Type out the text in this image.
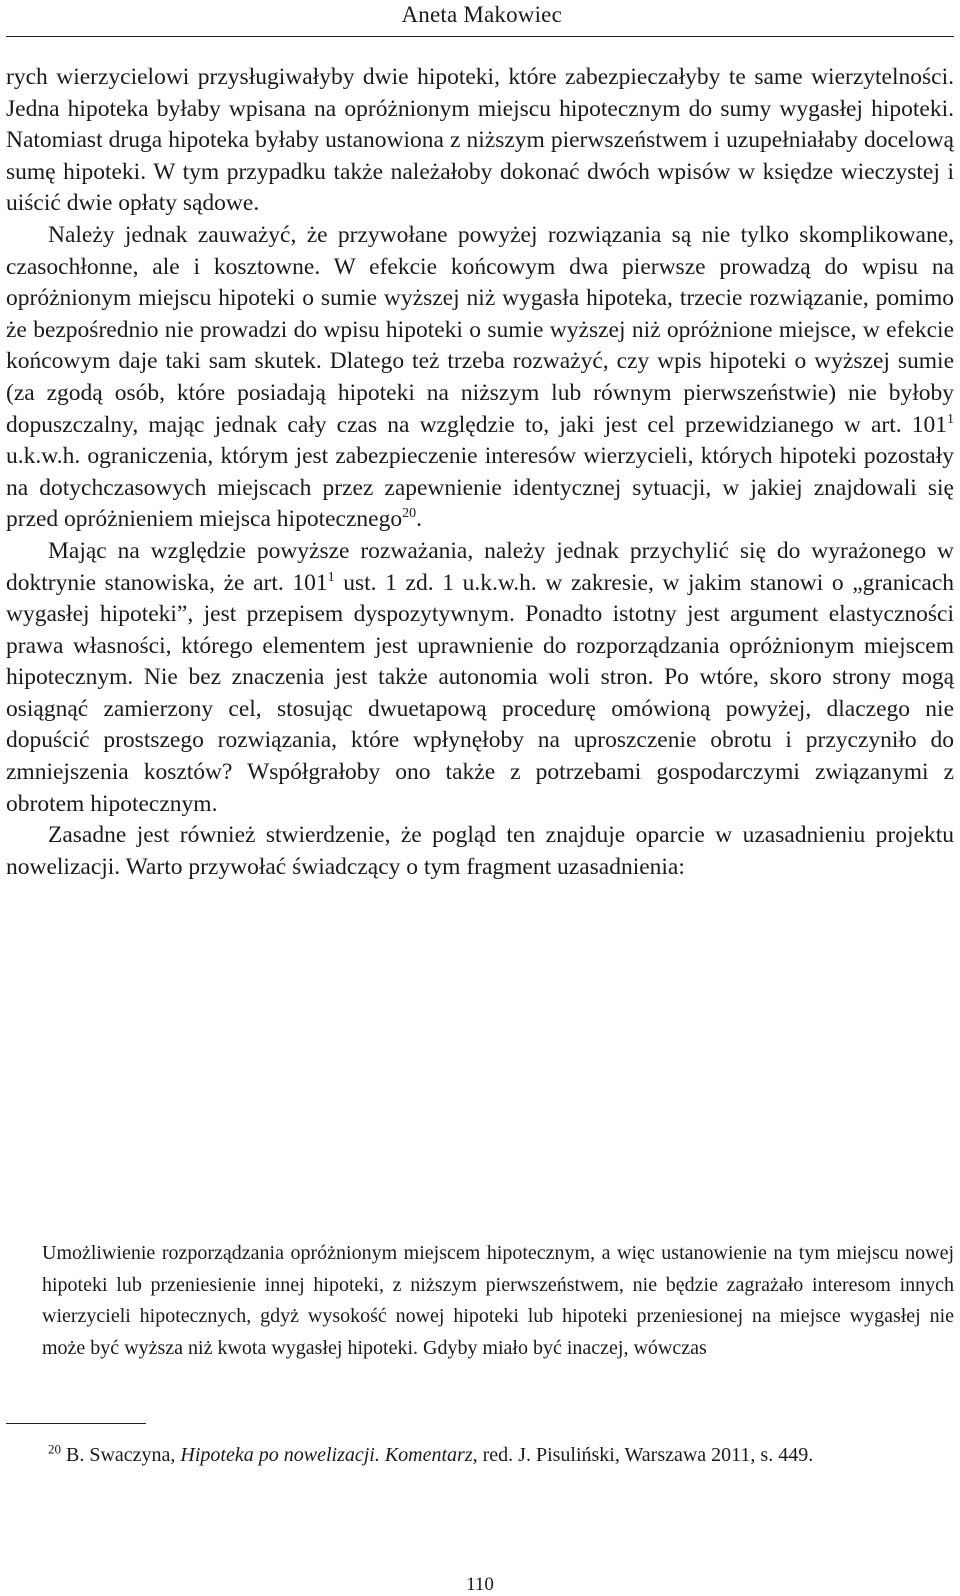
Aneta Makowiec

rych wierzycielowi przysługiwałyby dwie hipoteki, które zabezpieczałyby te same wierzytelności. Jedna hipoteka byłaby wpisana na opróżnionym miejscu hipotecznym do sumy wygasłej hipoteki. Natomiast druga hipoteka byłaby ustanowiona z niższym pierwszeństwem i uzupełniałaby docelową sumę hipoteki. W tym przypadku także należałoby dokonać dwóch wpisów w księdze wieczystej i uiścić dwie opłaty sądowe.

Należy jednak zauważyć, że przywołane powyżej rozwiązania są nie tylko skomplikowane, czasochłonne, ale i kosztowne. W efekcie końcowym dwa pierwsze prowadzą do wpisu na opróżnionym miejscu hipoteki o sumie wyższej niż wygasła hipoteka, trzecie rozwiązanie, pomimo że bezpośrednio nie prowadzi do wpisu hipoteki o sumie wyższej niż opróżnione miejsce, w efekcie końcowym daje taki sam skutek. Dlatego też trzeba rozważyć, czy wpis hipoteki o wyższej sumie (za zgodą osób, które posiadają hipoteki na niższym lub równym pierwszeństwie) nie byłoby dopuszczalny, mając jednak cały czas na względzie to, jaki jest cel przewidzianego w art. $101^1$ u.k.w.h. ograniczenia, którym jest zabezpieczenie interesów wierzycieli, których hipoteki pozostały na dotychczasowych miejscach przez zapewnienie identycznej sytuacji, w jakiej znajdowali się przed opróżnieniem miejsca hipotecznego$^{20}$.

Mając na względzie powyższe rozważania, należy jednak przychylić się do wyrażonego w doktrynie stanowiska, że art. $101^1$ ust. 1 zd. 1 u.k.w.h. w zakresie, w jakim stanowi o „granicach wygasłej hipoteki”, jest przepisem dyspozytywnym. Ponadto istotny jest argument elastyczności prawa własności, którego elementem jest uprawnienie do rozporządzania opróżnionym miejscem hipotecznym. Nie bez znaczenia jest także autonomia woli stron. Po wtóre, skoro strony mogą osiągnąć zamierzony cel, stosując dwuetapową procedurę omówioną powyżej, dlaczego nie dopuścić prostszego rozwiązania, które wpłynęłoby na uproszczenie obrotu i przyczyniło do zmniejszenia kosztów? Współgrałoby ono także z potrzebami gospodarczymi związanymi z obrotem hipotecznym.

Zasadne jest również stwierdzenie, że pogląd ten znajduje oparcie w uzasadnieniu projektu nowelizacji. Warto przywołać świadczący o tym fragment uzasadnienia:

Umożliwienie rozporządzania opróżnionym miejscem hipotecznym, a więc ustanowienie na tym miejscu nowej hipoteki lub przeniesienie innej hipoteki, z niższym pierwszeństwem, nie będzie zagrażało interesom innych wierzycieli hipotecznych, gdyż wysokość nowej hipoteki lub hipoteki przeniesionej na miejsce wygasłej nie może być wyższa niż kwota wygasłej hipoteki. Gdyby miało być inaczej, wówczas

$^{20}$ B. Swaczyna, Hipoteka po nowelizacji. Komentarz, red. J. Pisuliński, Warszawa 2011, s. 449.

110
